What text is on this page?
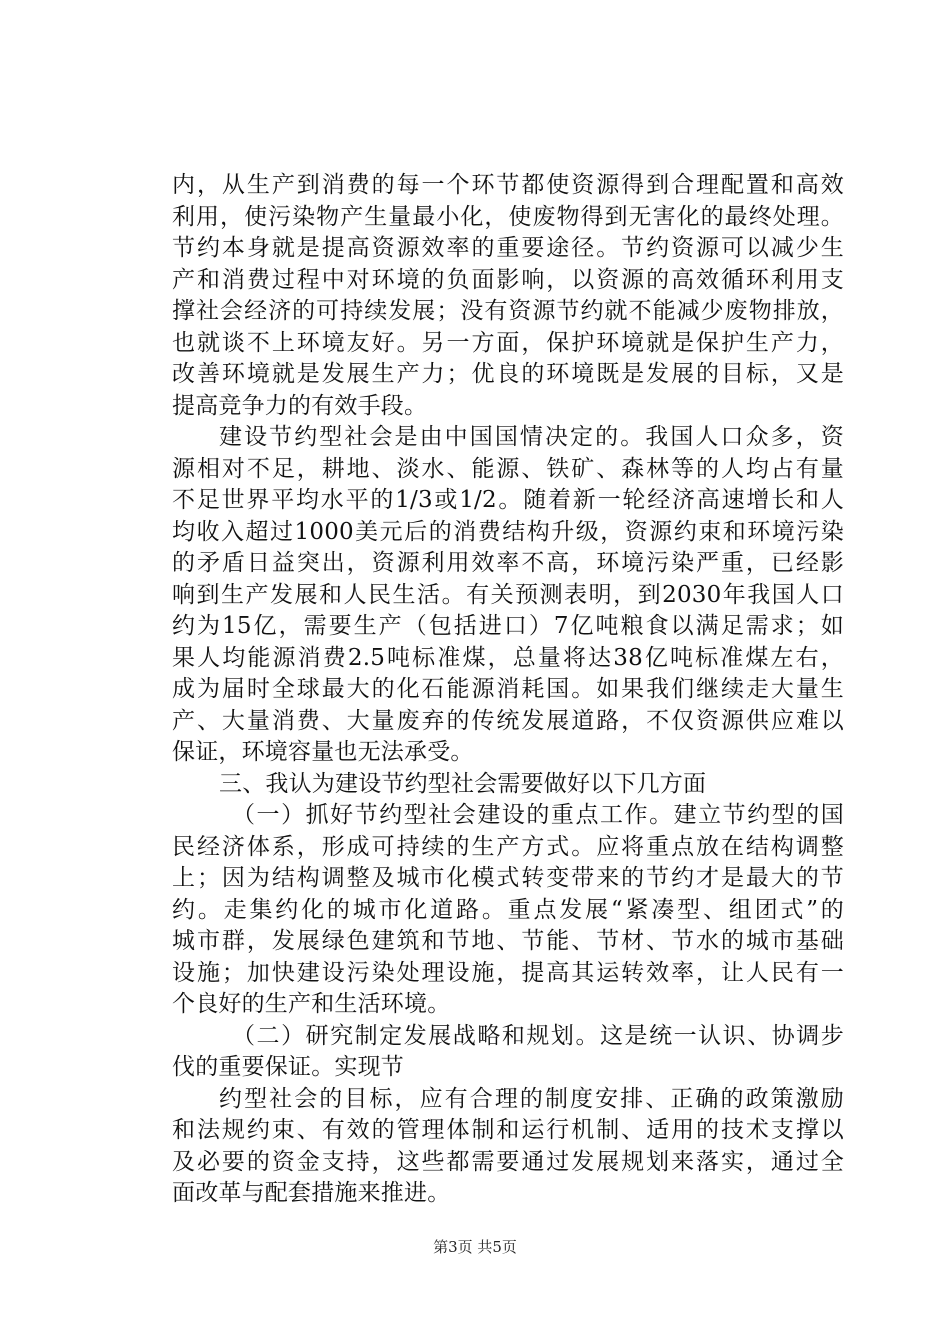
内，从生产到消费的每一个环节都使资源得到合理配置和高效
利用，使污染物产生量最小化，使废物得到无害化的最终处理。
节约本身就是提高资源效率的重要途径。节约资源可以减少生
产和消费过程中对环境的负面影响，以资源的高效循环利用支
撑社会经济的可持续发展；没有资源节约就不能减少废物排放，
也就谈不上环境友好。另一方面，保护环境就是保护生产力，
改善环境就是发展生产力；优良的环境既是发展的目标，又是
提高竞争力的有效手段。
建设节约型社会是由中国国情决定的。我国人口众多，资
源相对不足，耕地、淡水、能源、铁矿、森林等的人均占有量
不足世界平均水平的1/3或1/2。随着新一轮经济高速增长和人
均收入超过1000美元后的消费结构升级，资源约束和环境污染
的矛盾日益突出，资源利用效率不高，环境污染严重，已经影
响到生产发展和人民生活。有关预测表明，到2030年我国人口
约为15亿，需要生产（包括进口）7亿吨粮食以满足需求；如
果人均能源消费2.5吨标准煤，总量将达38亿吨标准煤左右，
成为届时全球最大的化石能源消耗国。如果我们继续走大量生
产、大量消费、大量废弃的传统发展道路，不仅资源供应难以
保证，环境容量也无法承受。
三、我认为建设节约型社会需要做好以下几方面
（一）抓好节约型社会建设的重点工作。建立节约型的国
民经济体系，形成可持续的生产方式。应将重点放在结构调整
上；因为结构调整及城市化模式转变带来的节约才是最大的节
约。走集约化的城市化道路。重点发展“紧凑型、组团式”的
城市群，发展绿色建筑和节地、节能、节材、节水的城市基础
设施；加快建设污染处理设施，提高其运转效率，让人民有一
个良好的生产和生活环境。
（二）研究制定发展战略和规划。这是统一认识、协调步
伐的重要保证。实现节
约型社会的目标，应有合理的制度安排、正确的政策激励
和法规约束、有效的管理体制和运行机制、适用的技术支撑以
及必要的资金支持，这些都需要通过发展规划来落实，通过全
面改革与配套措施来推进。
第3页 共5页
